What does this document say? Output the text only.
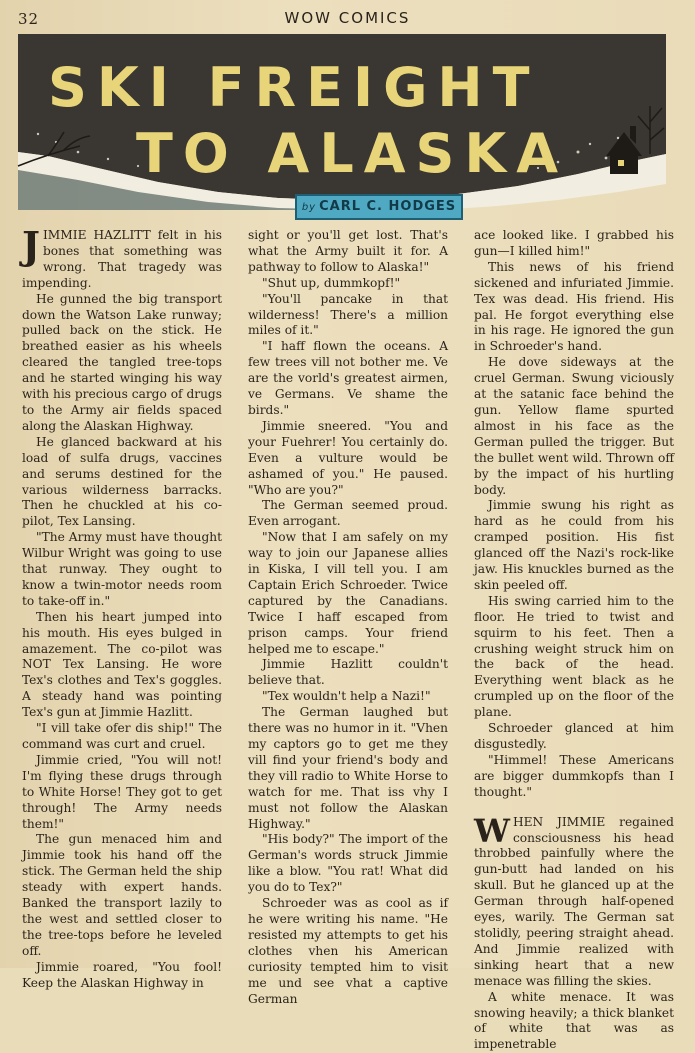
32	WOW COMICS
SKI FREIGHT
TO ALASKA
by CARL C. HODGES

JIMMIE HAZLITT felt in his bones that something was wrong. That tragedy was impending.

He gunned the big transport down the Watson Lake runway; pulled back on the stick. He breathed easier as his wheels cleared the tangled tree-tops and he started winging his way with his precious cargo of drugs to the Army air fields spaced along the Alaskan Highway.

He glanced backward at his load of sulfa drugs, vaccines and serums destined for the various wilderness barracks. Then he chuckled at his co-pilot, Tex Lansing.

"The Army must have thought Wilbur Wright was going to use that runway. They ought to know a twin-motor needs room to take-off in."

Then his heart jumped into his mouth. His eyes bulged in amazement. The co-pilot was NOT Tex Lansing. He wore Tex's clothes and Tex's goggles. A steady hand was pointing Tex's gun at Jimmie Hazlitt.

"I vill take ofer dis ship!" The command was curt and cruel.

Jimmie cried, "You will not! I'm flying these drugs through to White Horse! They got to get through! The Army needs them!"

The gun menaced him and Jimmie took his hand off the stick. The German held the ship steady with expert hands. Banked the transport lazily to the west and settled closer to the tree-tops before he leveled off.

Jimmie roared, "You fool! Keep the Alaskan Highway in

sight or you'll get lost. That's what the Army built it for. A pathway to follow to Alaska!"

"Shut up, dummkopf!"

"You'll pancake in that wilderness! There's a million miles of it."

"I haff flown the oceans. A few trees vill not bother me. Ve are the vorld's greatest airmen, ve Germans. Ve shame the birds."

Jimmie sneered. "You and your Fuehrer! You certainly do. Even a vulture would be ashamed of you." He paused. "Who are you?"

The German seemed proud. Even arrogant.

"Now that I am safely on my way to join our Japanese allies in Kiska, I vill tell you. I am Captain Erich Schroeder. Twice captured by the Canadians. Twice I haff escaped from prison camps. Your friend helped me to escape."

Jimmie Hazlitt couldn't believe that.

"Tex wouldn't help a Nazi!"

The German laughed but there was no humor in it. "Vhen my captors go to get me they vill find your friend's body and they vill radio to White Horse to watch for me. That iss vhy I must not follow the Alaskan Highway."

"His body?" The import of the German's words struck Jimmie like a blow. "You rat! What did you do to Tex?"

Schroeder was as cool as if he were writing his name. "He resisted my attempts to get his clothes vhen his American curiosity tempted him to visit me und see vhat a captive German

ace looked like. I grabbed his gun—I killed him!"

This news of his friend sickened and infuriated Jimmie. Tex was dead. His friend. His pal. He forgot everything else in his rage. He ignored the gun in Schroeder's hand.

He dove sideways at the cruel German. Swung viciously at the satanic face behind the gun. Yellow flame spurted almost in his face as the German pulled the trigger. But the bullet went wild. Thrown off by the impact of his hurtling body.

Jimmie swung his right as hard as he could from his cramped position. His fist glanced off the Nazi's rock-like jaw. His knuckles burned as the skin peeled off.

His swing carried him to the floor. He tried to twist and squirm to his feet. Then a crushing weight struck him on the back of the head. Everything went black as he crumpled up on the floor of the plane.

Schroeder glanced at him disgustedly.

"Himmel! These Americans are bigger dummkopfs than I thought."

WHEN JIMMIE regained consciousness his head throbbed painfully where the gun-butt had landed on his skull. But he glanced up at the German through half-opened eyes, warily. The German sat stolidly, peering straight ahead. And Jimmie realized with sinking heart that a new menace was filling the skies.

A white menace. It was snowing heavily; a thick blanket of white that was as impenetrable
